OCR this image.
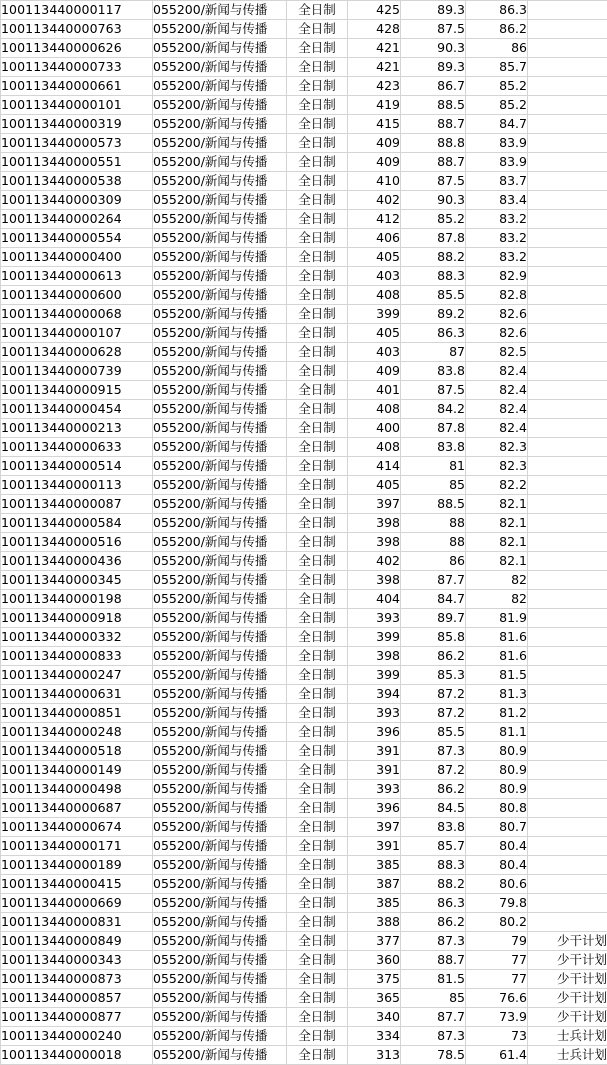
100113440000117	055200/新闻与传播	全日制	425	89.3	86.3	
100113440000763	055200/新闻与传播	全日制	428	87.5	86.2	
100113440000626	055200/新闻与传播	全日制	421	90.3	86	
100113440000733	055200/新闻与传播	全日制	421	89.3	85.7	
100113440000661	055200/新闻与传播	全日制	423	86.7	85.2	
100113440000101	055200/新闻与传播	全日制	419	88.5	85.2	
100113440000319	055200/新闻与传播	全日制	415	88.7	84.7	
100113440000573	055200/新闻与传播	全日制	409	88.8	83.9	
100113440000551	055200/新闻与传播	全日制	409	88.7	83.9	
100113440000538	055200/新闻与传播	全日制	410	87.5	83.7	
100113440000309	055200/新闻与传播	全日制	402	90.3	83.4	
100113440000264	055200/新闻与传播	全日制	412	85.2	83.2	
100113440000554	055200/新闻与传播	全日制	406	87.8	83.2	
100113440000400	055200/新闻与传播	全日制	405	88.2	83.2	
100113440000613	055200/新闻与传播	全日制	403	88.3	82.9	
100113440000600	055200/新闻与传播	全日制	408	85.5	82.8	
100113440000068	055200/新闻与传播	全日制	399	89.2	82.6	
100113440000107	055200/新闻与传播	全日制	405	86.3	82.6	
100113440000628	055200/新闻与传播	全日制	403	87	82.5	
100113440000739	055200/新闻与传播	全日制	409	83.8	82.4	
100113440000915	055200/新闻与传播	全日制	401	87.5	82.4	
100113440000454	055200/新闻与传播	全日制	408	84.2	82.4	
100113440000213	055200/新闻与传播	全日制	400	87.8	82.4	
100113440000633	055200/新闻与传播	全日制	408	83.8	82.3	
100113440000514	055200/新闻与传播	全日制	414	81	82.3	
100113440000113	055200/新闻与传播	全日制	405	85	82.2	
100113440000087	055200/新闻与传播	全日制	397	88.5	82.1	
100113440000584	055200/新闻与传播	全日制	398	88	82.1	
100113440000516	055200/新闻与传播	全日制	398	88	82.1	
100113440000436	055200/新闻与传播	全日制	402	86	82.1	
100113440000345	055200/新闻与传播	全日制	398	87.7	82	
100113440000198	055200/新闻与传播	全日制	404	84.7	82	
100113440000918	055200/新闻与传播	全日制	393	89.7	81.9	
100113440000332	055200/新闻与传播	全日制	399	85.8	81.6	
100113440000833	055200/新闻与传播	全日制	398	86.2	81.6	
100113440000247	055200/新闻与传播	全日制	399	85.3	81.5	
100113440000631	055200/新闻与传播	全日制	394	87.2	81.3	
100113440000851	055200/新闻与传播	全日制	393	87.2	81.2	
100113440000248	055200/新闻与传播	全日制	396	85.5	81.1	
100113440000518	055200/新闻与传播	全日制	391	87.3	80.9	
100113440000149	055200/新闻与传播	全日制	391	87.2	80.9	
100113440000498	055200/新闻与传播	全日制	393	86.2	80.9	
100113440000687	055200/新闻与传播	全日制	396	84.5	80.8	
100113440000674	055200/新闻与传播	全日制	397	83.8	80.7	
100113440000171	055200/新闻与传播	全日制	391	85.7	80.4	
100113440000189	055200/新闻与传播	全日制	385	88.3	80.4	
100113440000415	055200/新闻与传播	全日制	387	88.2	80.6	
100113440000669	055200/新闻与传播	全日制	385	86.3	79.8	
100113440000831	055200/新闻与传播	全日制	388	86.2	80.2	
100113440000849	055200/新闻与传播	全日制	377	87.3	79	少干计划
100113440000343	055200/新闻与传播	全日制	360	88.7	77	少干计划
100113440000873	055200/新闻与传播	全日制	375	81.5	77	少干计划
100113440000857	055200/新闻与传播	全日制	365	85	76.6	少干计划
100113440000877	055200/新闻与传播	全日制	340	87.7	73.9	少干计划
100113440000240	055200/新闻与传播	全日制	334	87.3	73	士兵计划
100113440000018	055200/新闻与传播	全日制	313	78.5	61.4	士兵计划
